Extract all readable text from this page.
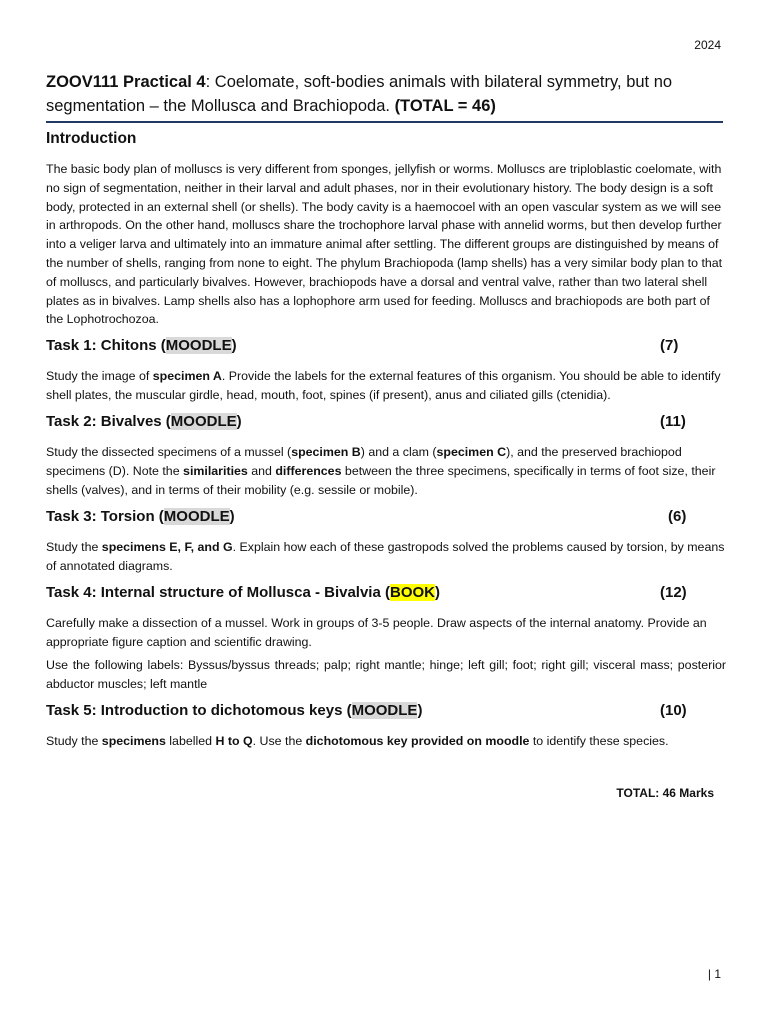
2024
ZOOV111 Practical 4: Coelomate, soft-bodies animals with bilateral symmetry, but no segmentation – the Mollusca and Brachiopoda. (TOTAL = 46)
Introduction

The basic body plan of molluscs is very different from sponges, jellyfish or worms. Molluscs are triploblastic coelomate, with no sign of segmentation, neither in their larval and adult phases, nor in their evolutionary history. The body design is a soft body, protected in an external shell (or shells). The body cavity is a haemocoel with an open vascular system as we will see in arthropods. On the other hand, molluscs share the trochophore larval phase with annelid worms, but then develop further into a veliger larva and ultimately into an immature animal after settling. The different groups are distinguished by means of the number of shells, ranging from none to eight. The phylum Brachiopoda (lamp shells) has a very similar body plan to that of molluscs, and particularly bivalves. However, brachiopods have a dorsal and ventral valve, rather than two lateral shell plates as in bivalves. Lamp shells also has a lophophore arm used for feeding. Molluscs and brachiopods are both part of the Lophotrochozoa.

Task 1: Chitons (MOODLE)	(7)

Study the image of specimen A. Provide the labels for the external features of this organism. You should be able to identify shell plates, the muscular girdle, head, mouth, foot, spines (if present), anus and ciliated gills (ctenidia).

Task 2: Bivalves (MOODLE)	(11)

Study the dissected specimens of a mussel (specimen B) and a clam (specimen C), and the preserved brachiopod specimens (D). Note the similarities and differences between the three specimens, specifically in terms of foot size, their shells (valves), and in terms of their mobility (e.g. sessile or mobile).

Task 3: Torsion (MOODLE)	(6)

Study the specimens E, F, and G. Explain how each of these gastropods solved the problems caused by torsion, by means of annotated diagrams.

Task 4: Internal structure of Mollusca - Bivalvia (BOOK)	(12)

Carefully make a dissection of a mussel. Work in groups of 3-5 people. Draw aspects of the internal anatomy. Provide an appropriate figure caption and scientific drawing.

Use the following labels: Byssus/byssus threads; palp; right mantle; hinge; left gill; foot; right gill; visceral mass; posterior abductor muscles; left mantle

Task 5: Introduction to dichotomous keys (MOODLE)	(10)

Study the specimens labelled H to Q. Use the dichotomous key provided on moodle to identify these species.

TOTAL: 46 Marks
| 1
